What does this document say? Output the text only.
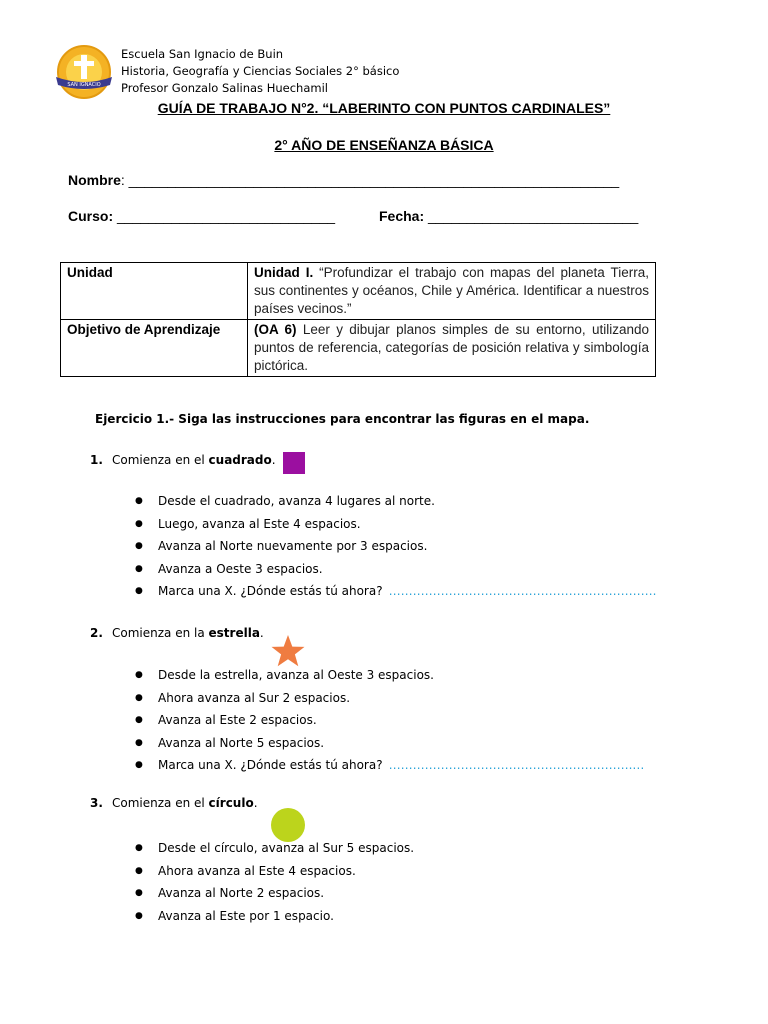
SAN IGNACIO
Escuela San Ignacio de Buin
Historia, Geografía y Ciencias Sociales 2° básico
Profesor Gonzalo Salinas Huechamil
GUÍA DE TRABAJO N°2. “LABERINTO CON PUNTOS CARDINALES”
2° AÑO DE ENSEÑANZA BÁSICA
Nombre: _______________________________________________________________
Curso: ____________________________	Fecha: ___________________________
Unidad	Unidad I. “Profundizar el trabajo con mapas del planeta Tierra, sus continentes y océanos, Chile y América. Identificar a nuestros países vecinos.”
Objetivo de Aprendizaje	(OA 6) Leer y dibujar planos simples de su entorno, utilizando puntos de referencia, categorías de posición relativa y simbología pictórica.
Ejercicio 1.- Siga las instrucciones para encontrar las figuras en el mapa.
1. Comienza en el cuadrado.
● Desde el cuadrado, avanza 4 lugares al norte.
● Luego, avanza al Este 4 espacios.
● Avanza al Norte nuevamente por 3 espacios.
● Avanza a Oeste 3 espacios.
● Marca una X. ¿Dónde estás tú ahora? ………………………………………………………….
2. Comienza en la estrella.
● Desde la estrella, avanza al Oeste 3 espacios.
● Ahora avanza al Sur 2 espacios.
● Avanza al Este 2 espacios.
● Avanza al Norte 5 espacios.
● Marca una X. ¿Dónde estás tú ahora? …………………………………………………….…
3. Comienza en el círculo.
● Desde el círculo, avanza al Sur 5 espacios.
● Ahora avanza al Este 4 espacios.
● Avanza al Norte 2 espacios.
● Avanza al Este por 1 espacio.
